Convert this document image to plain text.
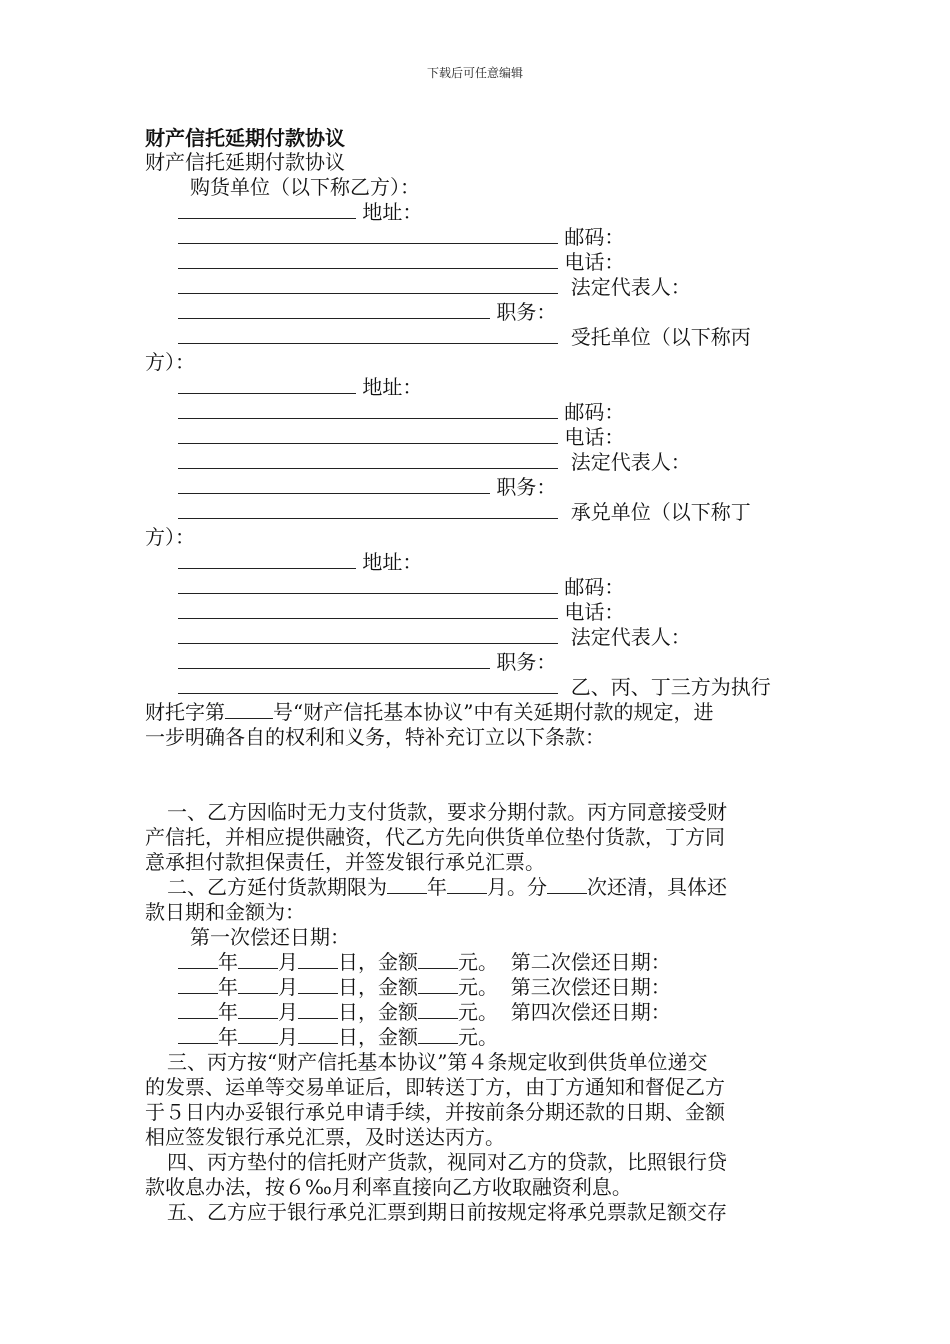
下载后可任意编辑
财产信托延期付款协议
财产信托延期付款协议
购货单位（以下称乙方）：
地址：
邮码：
电话：
法定代表人：
职务：
受托单位（以下称丙
方）：
地址：
邮码：
电话：
法定代表人：
职务：
承兑单位（以下称丁
方）：
地址：
邮码：
电话：
法定代表人：
职务：
乙、丙、丁三方为执行
财托字第 号“财产信托基本协议”中有关延期付款的规定，进
一步明确各自的权利和义务，特补充订立以下条款：
一、乙方因临时无力支付货款，要求分期付款。丙方同意接受财
产信托，并相应提供融资，代乙方先向供货单位垫付货款，丁方同
意承担付款担保责任，并签发银行承兑汇票。
二、乙方延付货款期限为 年 月。分 次还清，具体还
款日期和金额为：
第一次偿还日期：
年 月 日，金额 元。 第二次偿还日期：
年 月 日，金额 元。 第三次偿还日期：
年 月 日，金额 元。 第四次偿还日期：
年 月 日，金额 元。
三、丙方按“财产信托基本协议”第４条规定收到供货单位递交
的发票、运单等交易单证后，即转送丁方，由丁方通知和督促乙方
于５日内办妥银行承兑申请手续，并按前条分期还款的日期、金额
相应签发银行承兑汇票，及时送达丙方。
四、丙方垫付的信托财产货款，视同对乙方的贷款，比照银行贷
款收息办法，按６‰月利率直接向乙方收取融资利息。
五、乙方应于银行承兑汇票到期日前按规定将承兑票款足额交存
